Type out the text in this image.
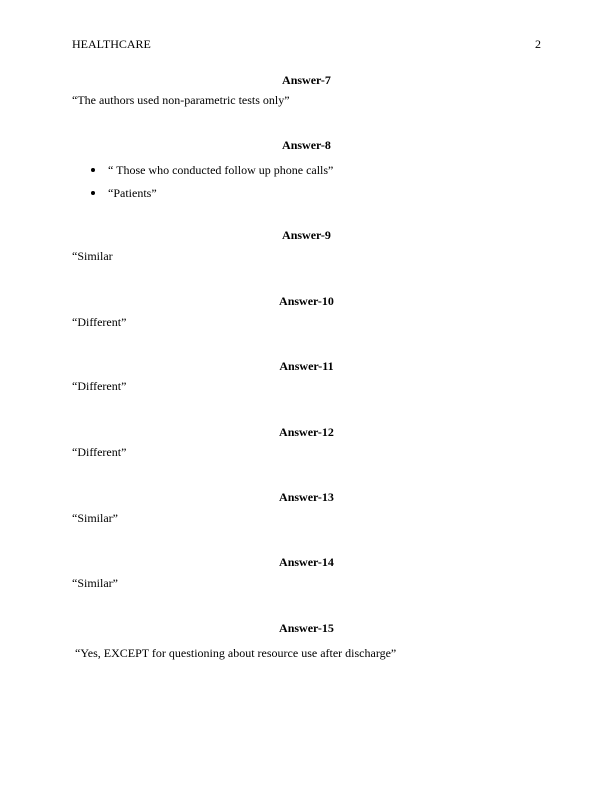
HEALTHCARE	2
Answer-7
“The authors used non-parametric tests only”
Answer-8
“ Those who conducted follow up phone calls”
“Patients”
Answer-9
“Similar
Answer-10
“Different”
Answer-11
“Different”
Answer-12
“Different”
Answer-13
“Similar”
Answer-14
“Similar”
Answer-15
“Yes, EXCEPT for questioning about resource use after discharge”
